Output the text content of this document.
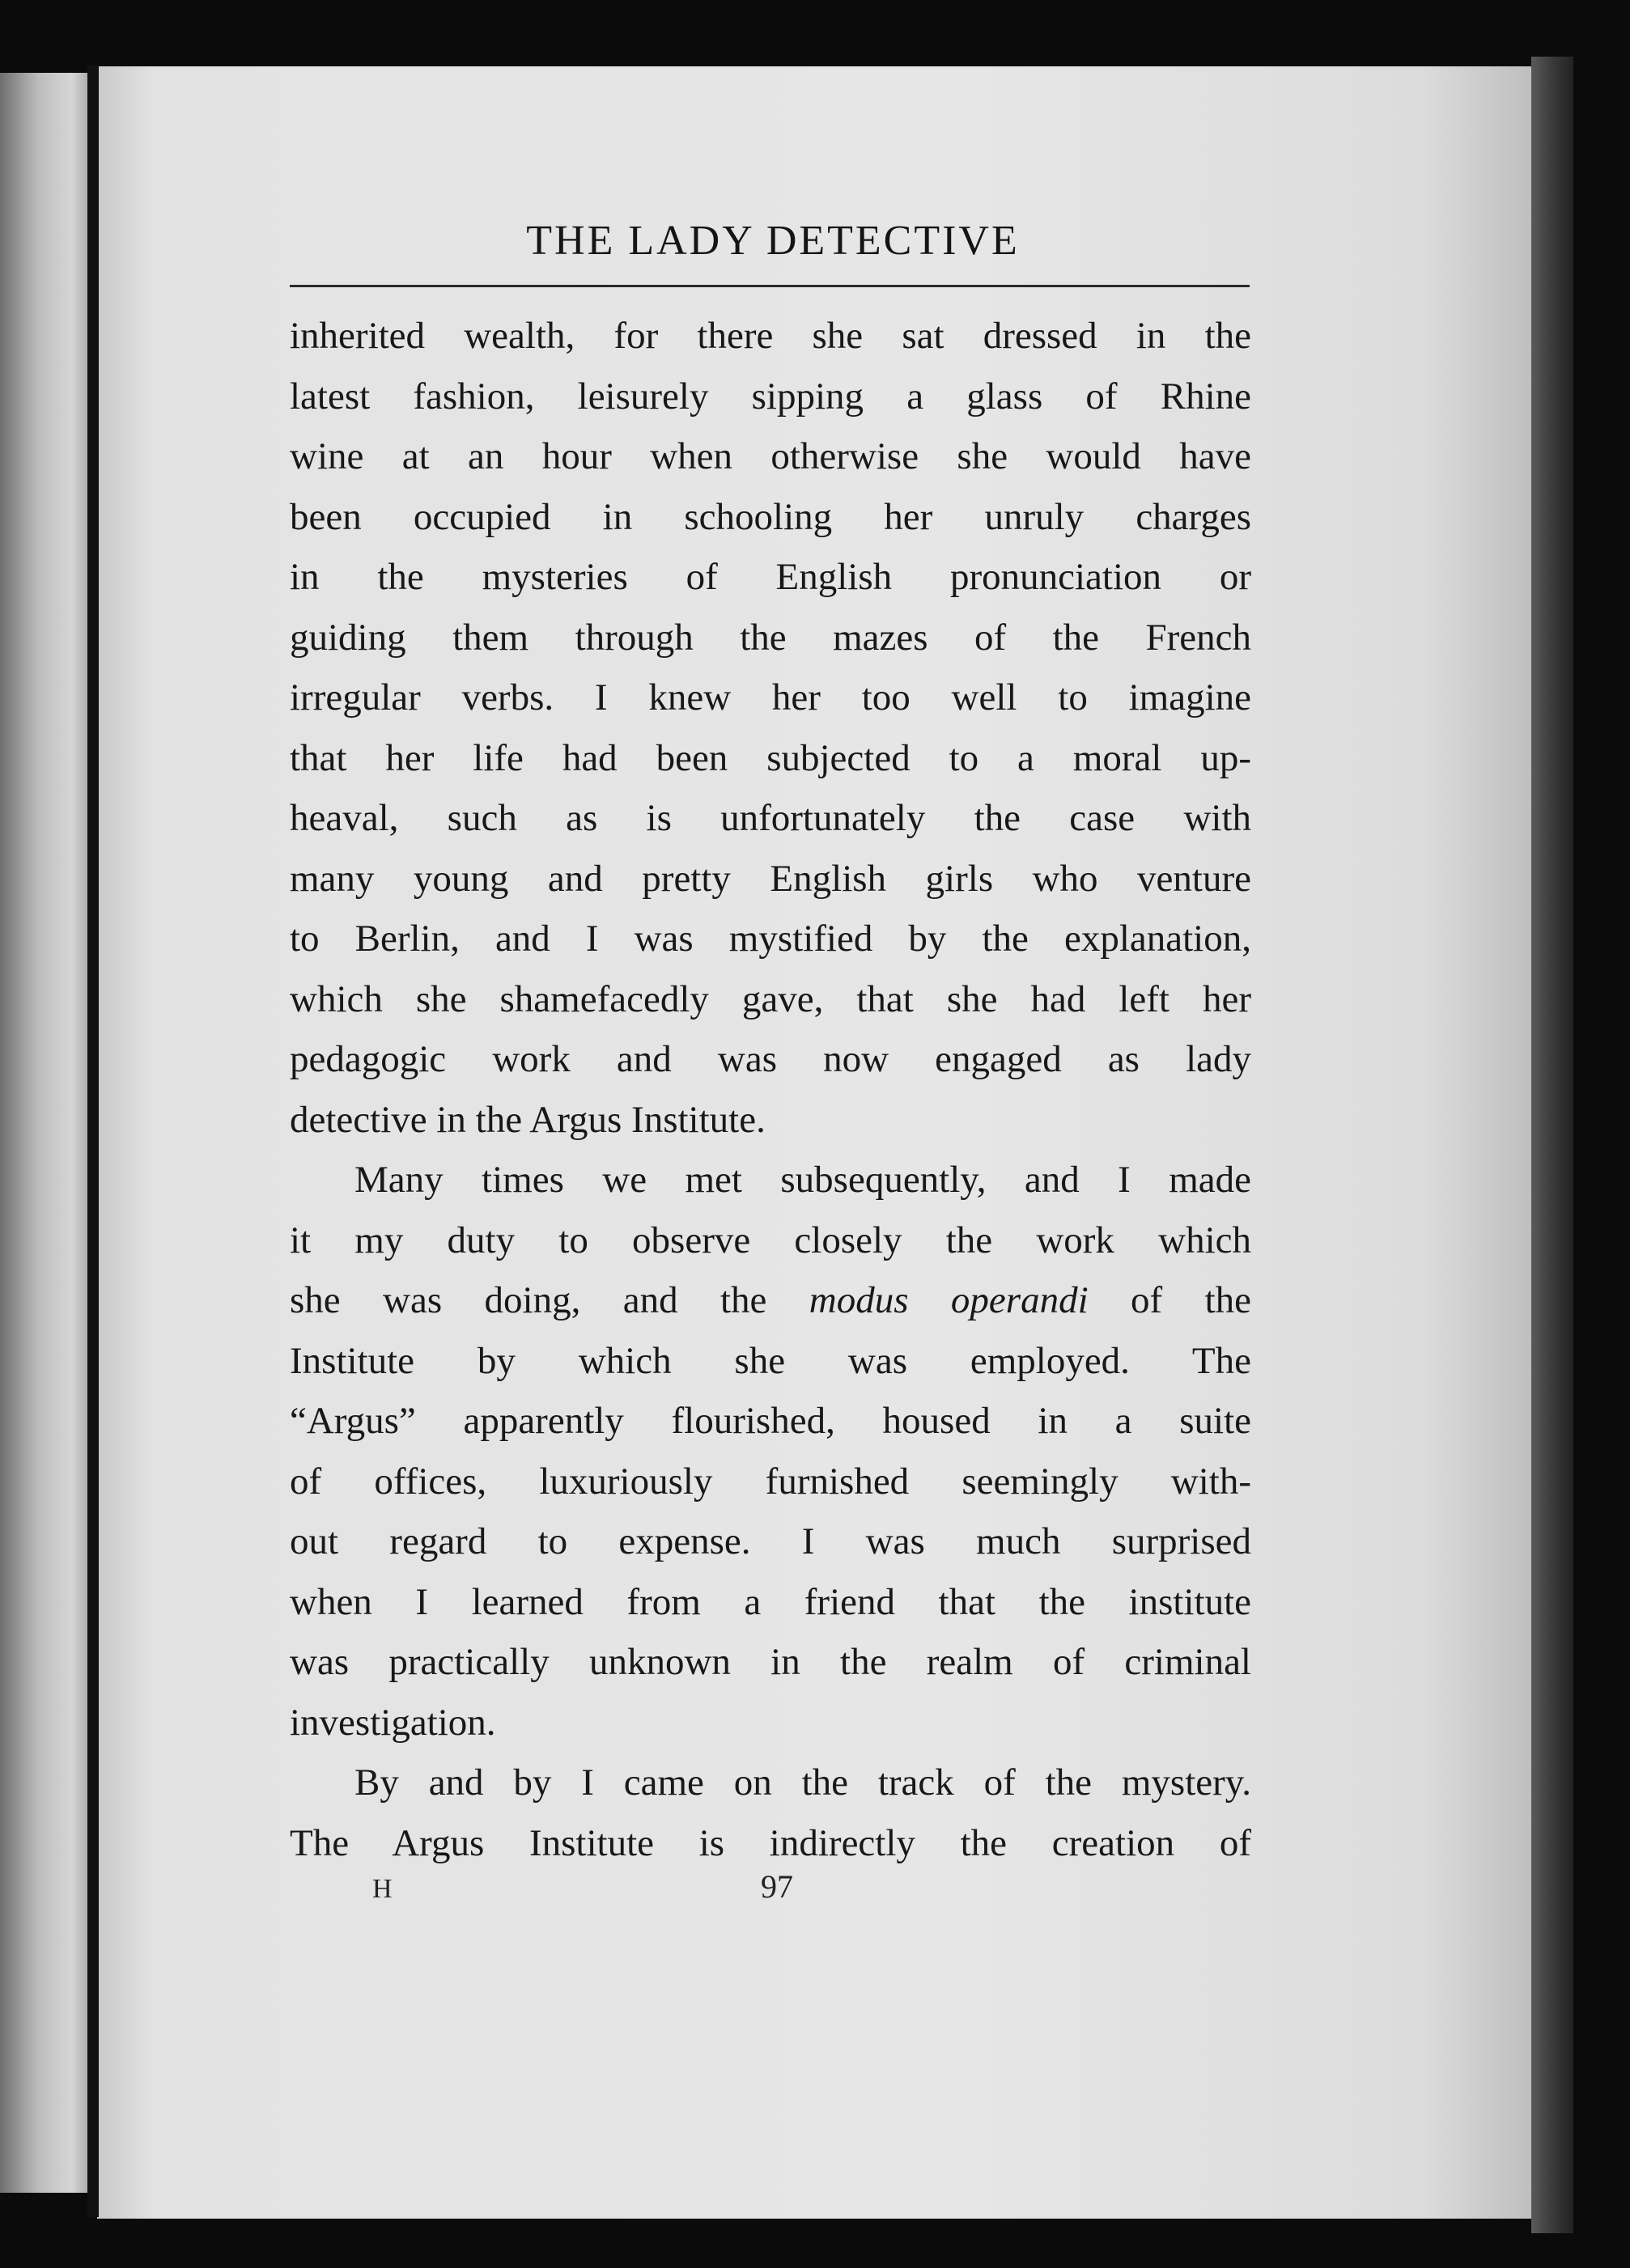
THE LADY DETECTIVE
inherited wealth, for there she sat dressed in the
latest fashion, leisurely sipping a glass of Rhine
wine at an hour when otherwise she would have
been occupied in schooling her unruly charges
in the mysteries of English pronunciation or
guiding them through the mazes of the French
irregular verbs. I knew her too well to imagine
that her life had been subjected to a moral up-
heaval, such as is unfortunately the case with
many young and pretty English girls who venture
to Berlin, and I was mystified by the explanation,
which she shamefacedly gave, that she had left her
pedagogic work and was now engaged as lady
detective in the Argus Institute.
Many times we met subsequently, and I made
it my duty to observe closely the work which
she was doing, and the modus operandi of the
Institute by which she was employed. The
“Argus” apparently flourished, housed in a suite
of offices, luxuriously furnished seemingly with-
out regard to expense. I was much surprised
when I learned from a friend that the institute
was practically unknown in the realm of criminal
investigation.
By and by I came on the track of the mystery.
The Argus Institute is indirectly the creation of
H	97
